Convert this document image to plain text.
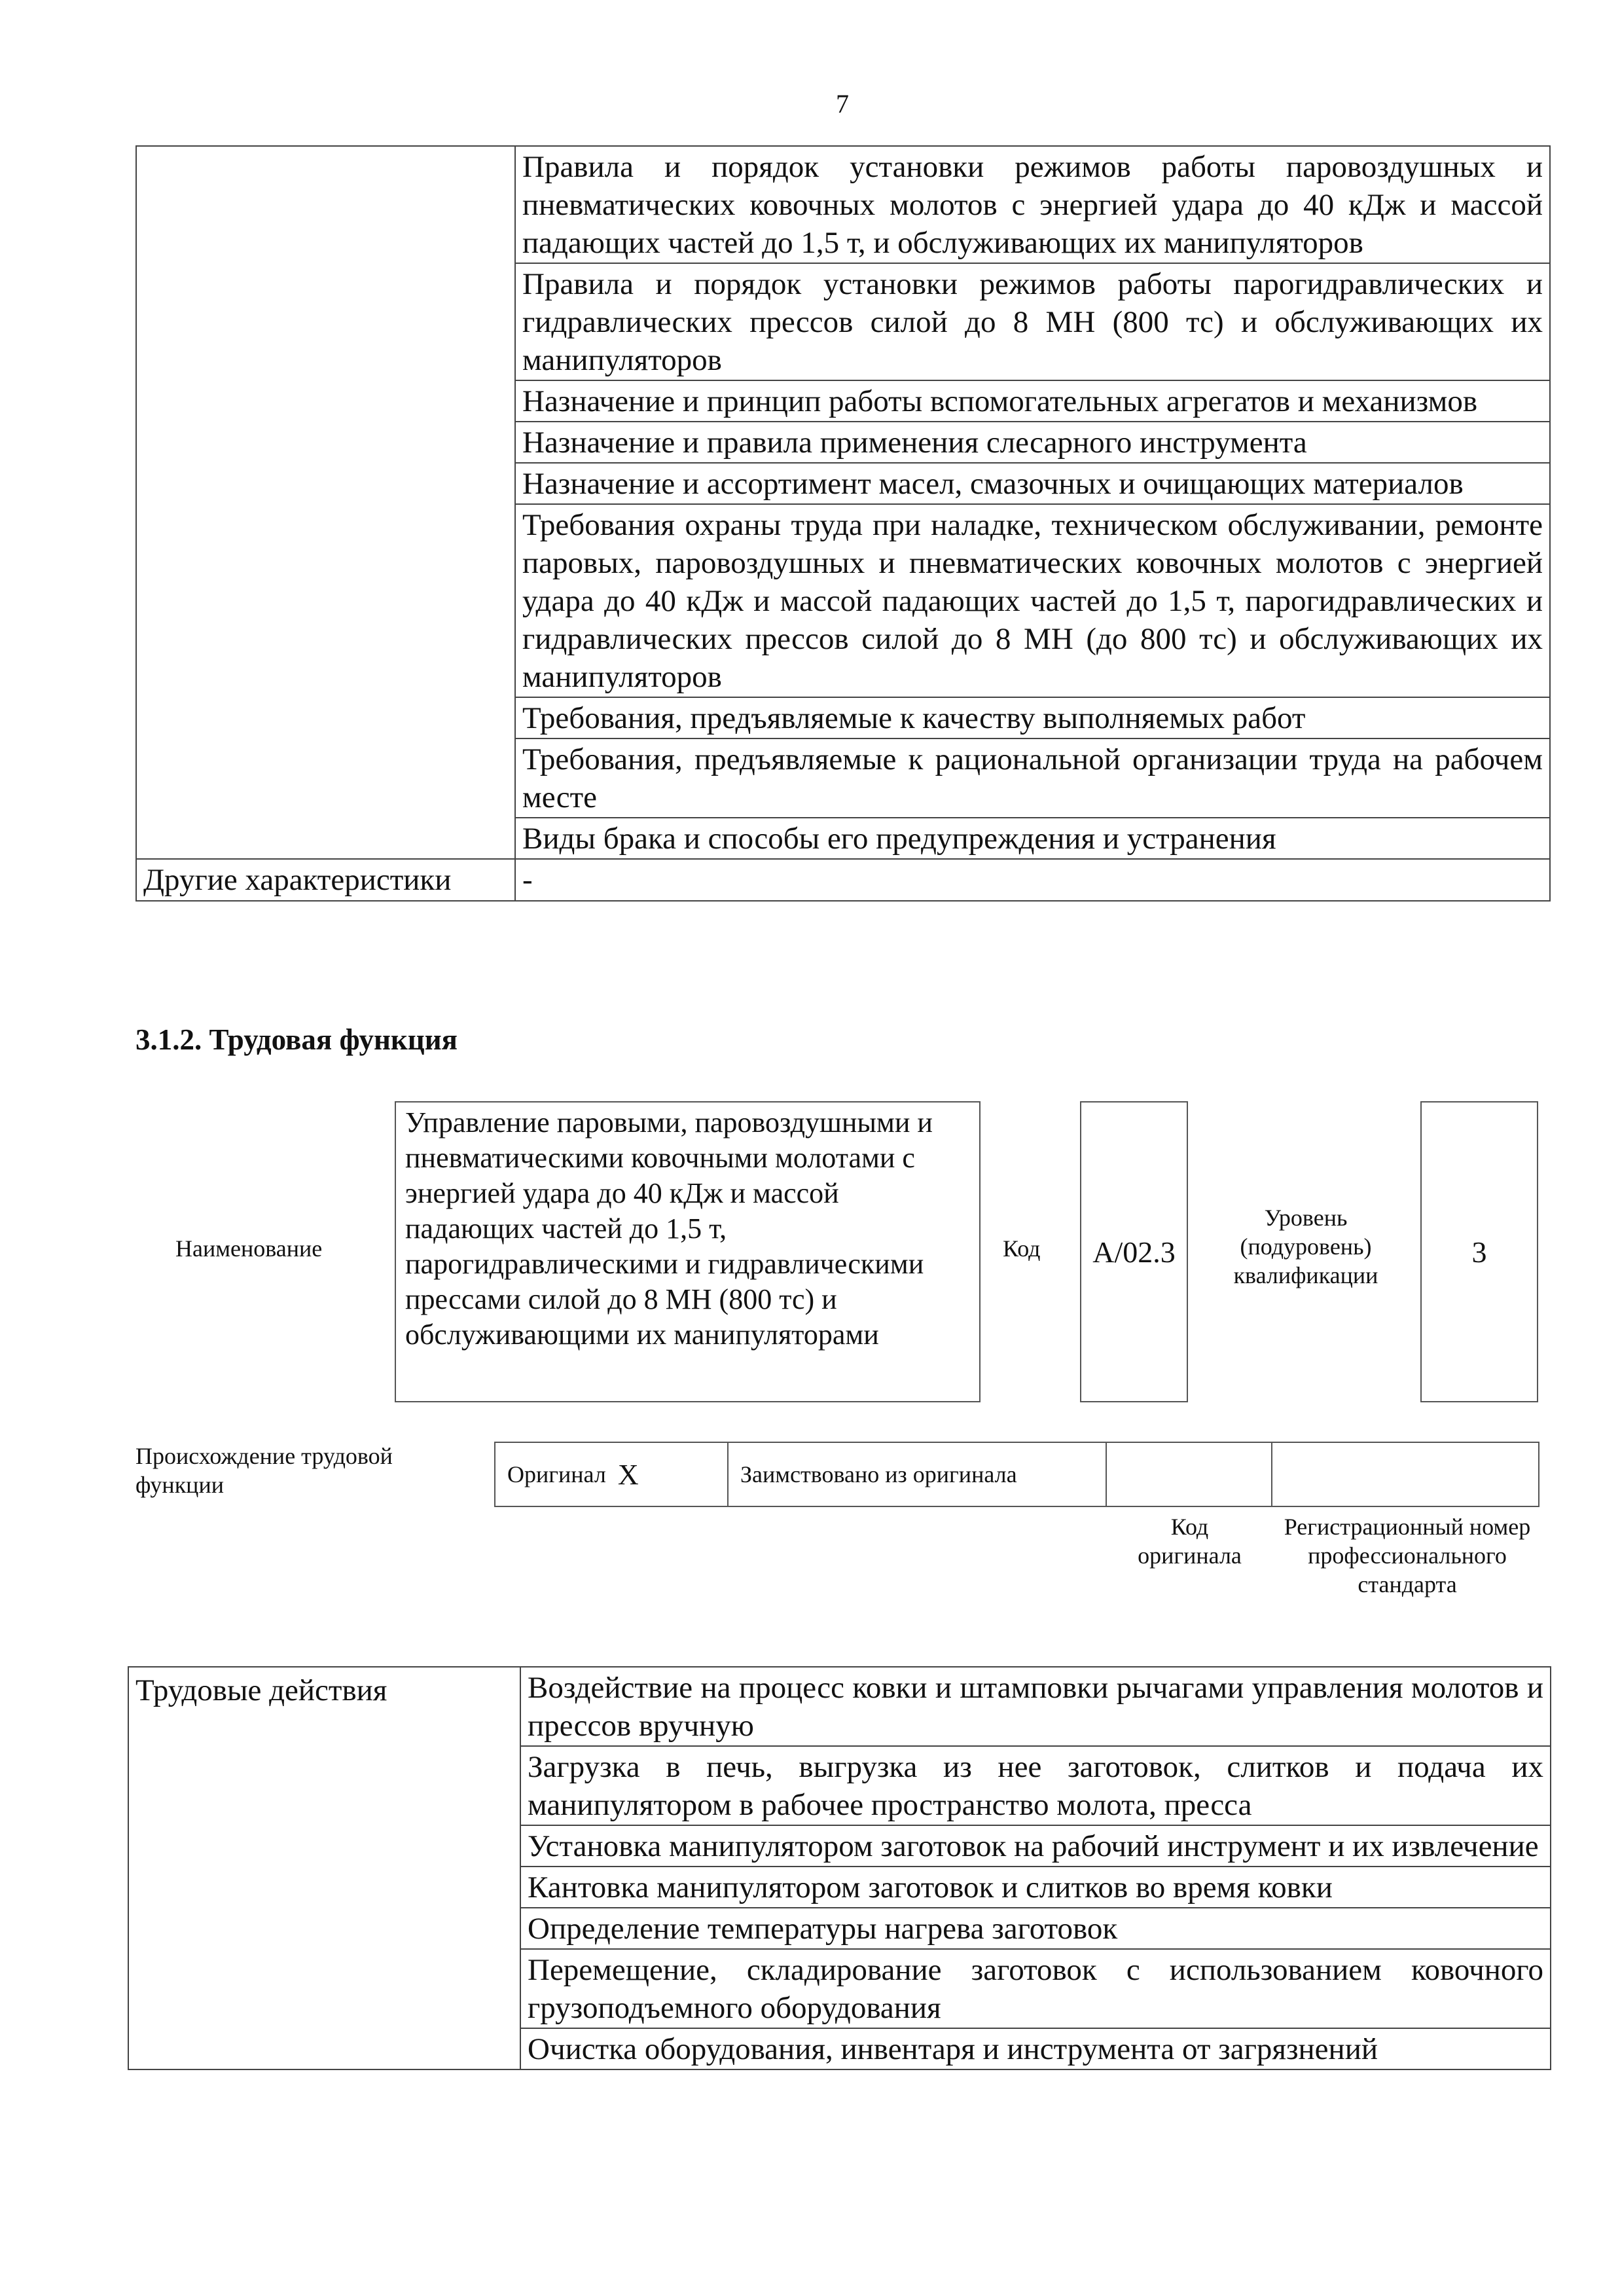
7
	Правила и порядок установки режимов работы паровоздушных и пневматических ковочных молотов с энергией удара до 40 кДж и массой падающих частей до 1,5 т, и обслуживающих их манипуляторов
	Правила и порядок установки режимов работы парогидравлических и гидравлических прессов силой до 8 МН (800 тс) и обслуживающих их манипуляторов
	Назначение и принцип работы вспомогательных агрегатов и механизмов
	Назначение и правила применения слесарного инструмента
	Назначение и ассортимент масел, смазочных и очищающих материалов
	Требования охраны труда при наладке, техническом обслуживании, ремонте паровых, паровоздушных и пневматических ковочных молотов с энергией удара до 40 кДж и массой падающих частей до 1,5 т, парогидравлических и гидравлических прессов силой до 8 МН (до 800 тс) и обслуживающих их манипуляторов
	Требования, предъявляемые к качеству выполняемых работ
	Требования, предъявляемые к рациональной организации труда на рабочем месте
	Виды брака и способы его предупреждения и устранения
Другие характеристики	-
3.1.2. Трудовая функция
Наименование
Управление паровыми, паровоздушными и пневматическими ковочными молотами с энергией удара до 40 кДж и массой падающих частей до 1,5 т, парогидравлическими и гидравлическими прессами силой до 8 МН (800 тс) и обслуживающими их манипуляторами
Код A/02.3
Уровень (подуровень) квалификации
3
Происхождение трудовой функции	Оригинал X	Заимствовано из оригинала
Код оригинала
Регистрационный номер профессионального стандарта
Трудовые действия	Воздействие на процесс ковки и штамповки рычагами управления молотов и прессов вручную
Загрузка в печь, выгрузка из нее заготовок, слитков и подача их манипулятором в рабочее пространство молота, пресса
Установка манипулятором заготовок на рабочий инструмент и их извлечение
Кантовка манипулятором заготовок и слитков во время ковки
Определение температуры нагрева заготовок
Перемещение, складирование заготовок с использованием ковочного грузоподъемного оборудования
Очистка оборудования, инвентаря и инструмента от загрязнений
